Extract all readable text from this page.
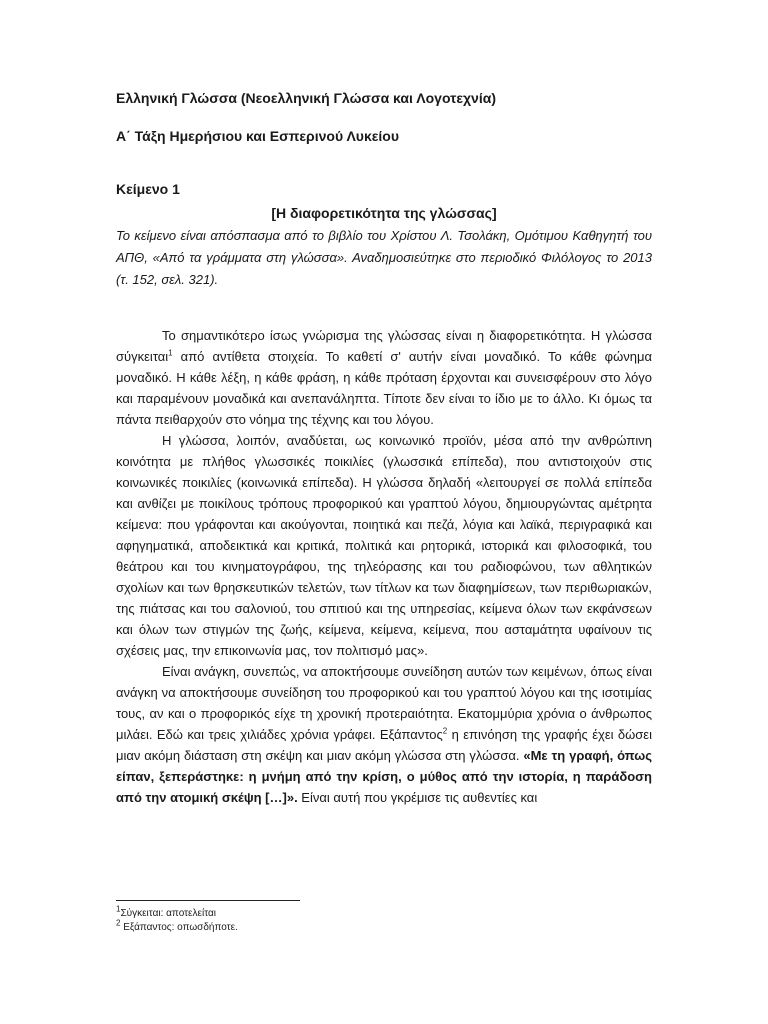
Ελληνική Γλώσσα (Νεοελληνική Γλώσσα και Λογοτεχνία)
Α΄ Τάξη Ημερήσιου και Εσπερινού Λυκείου
Κείμενο 1
[Η διαφορετικότητα της γλώσσας]
Το κείμενο είναι απόσπασμα από το βιβλίο του Χρίστου Λ. Τσολάκη, Ομότιμου Καθηγητή του ΑΠΘ, «Από τα γράμματα στη γλώσσα». Αναδημοσιεύτηκε στο περιοδικό Φιλόλογος το 2013 (τ. 152, σελ. 321).

Το σημαντικότερο ίσως γνώρισμα της γλώσσας είναι η διαφορετικότητα. Η γλώσσα σύγκειται$^1$ από αντίθετα στοιχεία. Το καθετί σ' αυτήν είναι μοναδικό. Το κάθε φώνημα μοναδικό. Η κάθε λέξη, η κάθε φράση, η κάθε πρόταση έρχονται και συνεισφέρουν στο λόγο και παραμένουν μοναδικά και ανεπανάληπτα. Τίποτε δεν είναι το ίδιο με το άλλο. Κι όμως τα πάντα πειθαρχούν στο νόημα της τέχνης και του λόγου.

Η γλώσσα, λοιπόν, αναδύεται, ως κοινωνικό προϊόν, μέσα από την ανθρώπινη κοινότητα με πλήθος γλωσσικές ποικιλίες (γλωσσικά επίπεδα), που αντιστοιχούν στις κοινωνικές ποικιλίες (κοινωνικά επίπεδα). Η γλώσσα δηλαδή «λειτουργεί σε πολλά επίπεδα και ανθίζει με ποικίλους τρόπους προφορικού και γραπτού λόγου, δημιουργώντας αμέτρητα κείμενα: που γράφονται και ακούγονται, ποιητικά και πεζά, λόγια και λαϊκά, περιγραφικά και αφηγηματικά, αποδεικτικά και κριτικά, πολιτικά και ρητορικά, ιστορικά και φιλοσοφικά, του θεάτρου και του κινηματογράφου, της τηλεόρασης και του ραδιοφώνου, των αθλητικών σχολίων και των θρησκευτικών τελετών, των τίτλων κα των διαφημίσεων, των περιθωριακών, της πιάτσας και του σαλονιού, του σπιτιού και της υπηρεσίας, κείμενα όλων των εκφάνσεων και όλων των στιγμών της ζωής, κείμενα, κείμενα, κείμενα, που ασταμάτητα υφαίνουν τις σχέσεις μας, την επικοινωνία μας, τον πολιτισμό μας».

Είναι ανάγκη, συνεπώς, να αποκτήσουμε συνείδηση αυτών των κειμένων, όπως είναι ανάγκη να αποκτήσουμε συνείδηση του προφορικού και του γραπτού λόγου και της ισοτιμίας τους, αν και ο προφορικός είχε τη χρονική προτεραιότητα. Εκατομμύρια χρόνια ο άνθρωπος μιλάει. Εδώ και τρεις χιλιάδες χρόνια γράφει. Εξάπαντος$^2$ η επινόηση της γραφής έχει δώσει μιαν ακόμη διάσταση στη σκέψη και μιαν ακόμη γλώσσα στη γλώσσα. «Με τη γραφή, όπως είπαν, ξεπεράστηκε: η μνήμη από την κρίση, ο μύθος από την ιστορία, η παράδοση από την ατομική σκέψη […]». Είναι αυτή που γκρέμισε τις αυθεντίες και

$^1$Σύγκειται: αποτελείται
$^2$ Εξάπαντος: οπωσδήποτε.
